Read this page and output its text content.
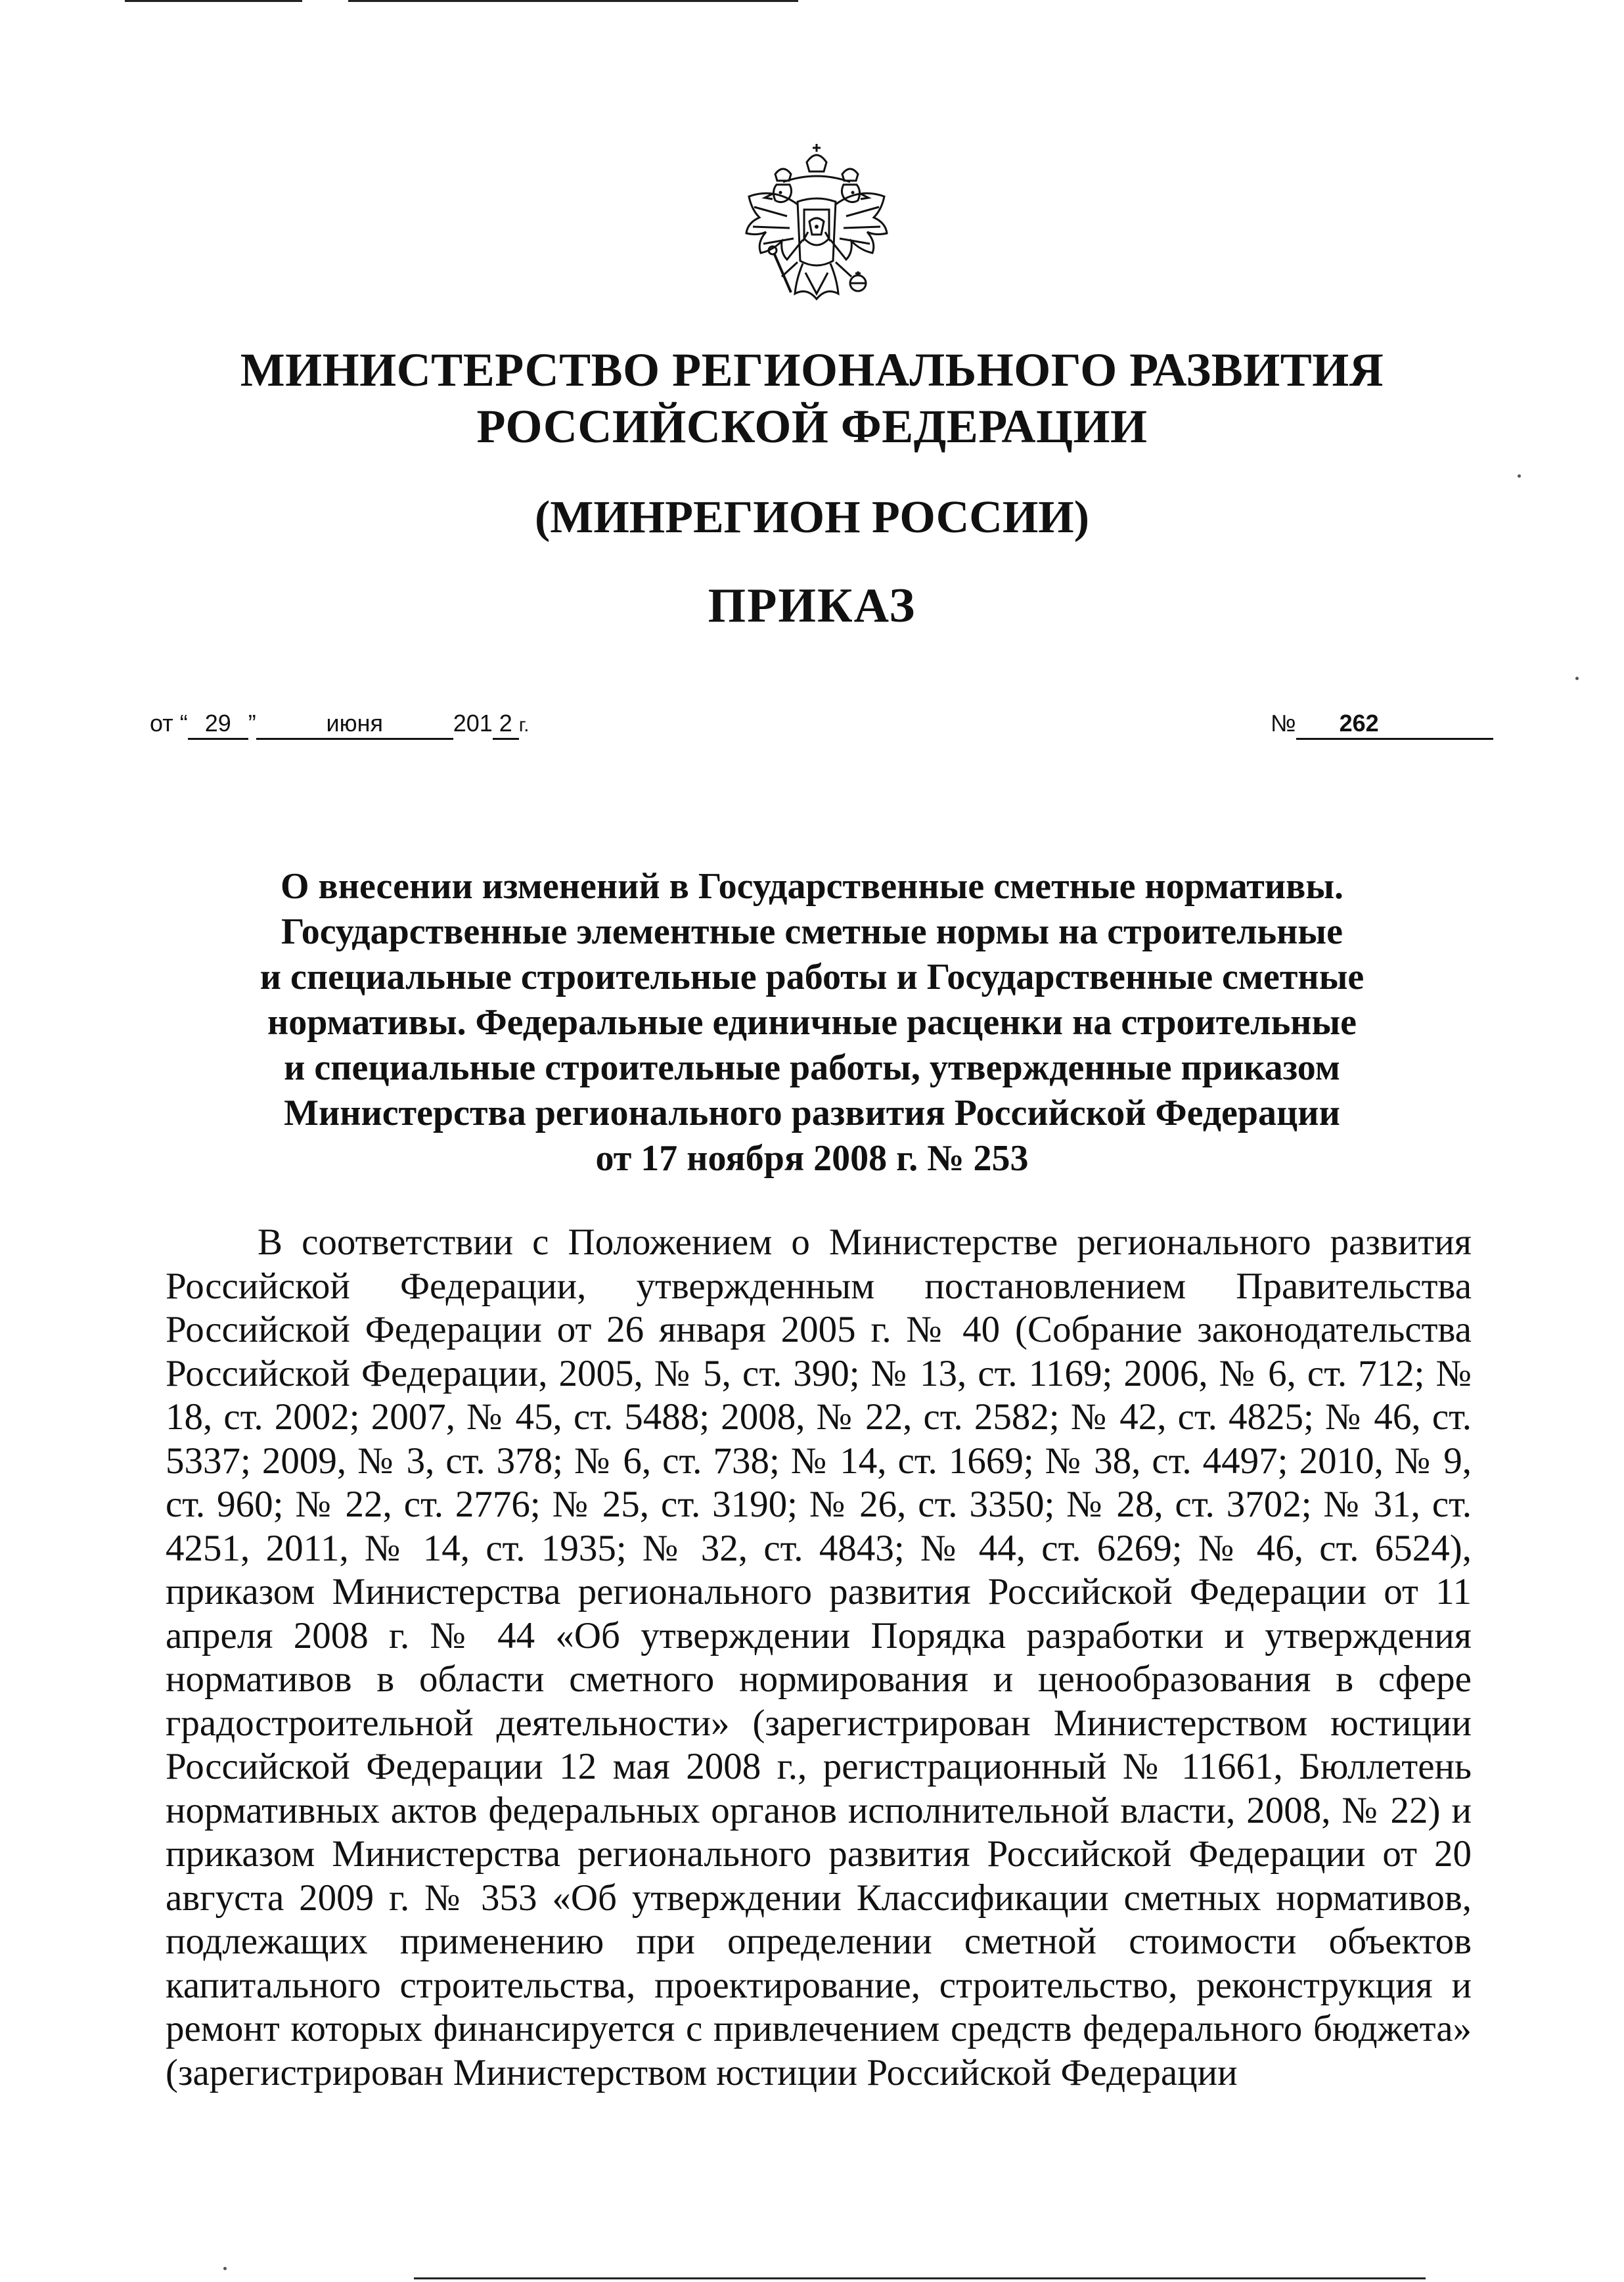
МИНИСТЕРСТВО РЕГИОНАЛЬНОГО РАЗВИТИЯ
РОССИЙСКОЙ ФЕДЕРАЦИИ
(МИНРЕГИОН РОССИИ)
ПРИКАЗ
от “ 29 ”	июня	201 2 г.	№ 262
О внесении изменений в Государственные сметные нормативы.
Государственные элементные сметные нормы на строительные
и специальные строительные работы и Государственные сметные
нормативы. Федеральные единичные расценки на строительные
и специальные строительные работы, утвержденные приказом
Министерства регионального развития Российской Федерации
от 17 ноября 2008 г. № 253

В соответствии с Положением о Министерстве регионального развития Российской Федерации, утвержденным постановлением Правительства Российской Федерации от 26 января 2005 г. № 40 (Собрание законодательства Российской Федерации, 2005, № 5, ст. 390; № 13, ст. 1169; 2006, № 6, ст. 712; № 18, ст. 2002; 2007, № 45, ст. 5488; 2008, № 22, ст. 2582; № 42, ст. 4825; № 46, ст. 5337; 2009, № 3, ст. 378; № 6, ст. 738; № 14, ст. 1669; № 38, ст. 4497; 2010, № 9, ст. 960; № 22, ст. 2776; № 25, ст. 3190; № 26, ст. 3350; № 28, ст. 3702; № 31, ст. 4251, 2011, № 14, ст. 1935; № 32, ст. 4843; № 44, ст. 6269; № 46, ст. 6524), приказом Министерства регионального развития Российской Федерации от 11 апреля 2008 г. № 44 «Об утверждении Порядка разработки и утверждения нормативов в области сметного нормирования и ценообразования в сфере градостроительной деятельности» (зарегистрирован Министерством юстиции Российской Федерации 12 мая 2008 г., регистрационный № 11661, Бюллетень нормативных актов федеральных органов исполнительной власти, 2008, № 22) и приказом Министерства регионального развития Российской Федерации от 20 августа 2009 г. № 353 «Об утверждении Классификации сметных нормативов, подлежащих применению при определении сметной стоимости объектов капитального строительства, проектирование, строительство, реконструкция и ремонт которых финансируется с привлечением средств федерального бюджета» (зарегистрирован Министерством юстиции Российской Федерации
